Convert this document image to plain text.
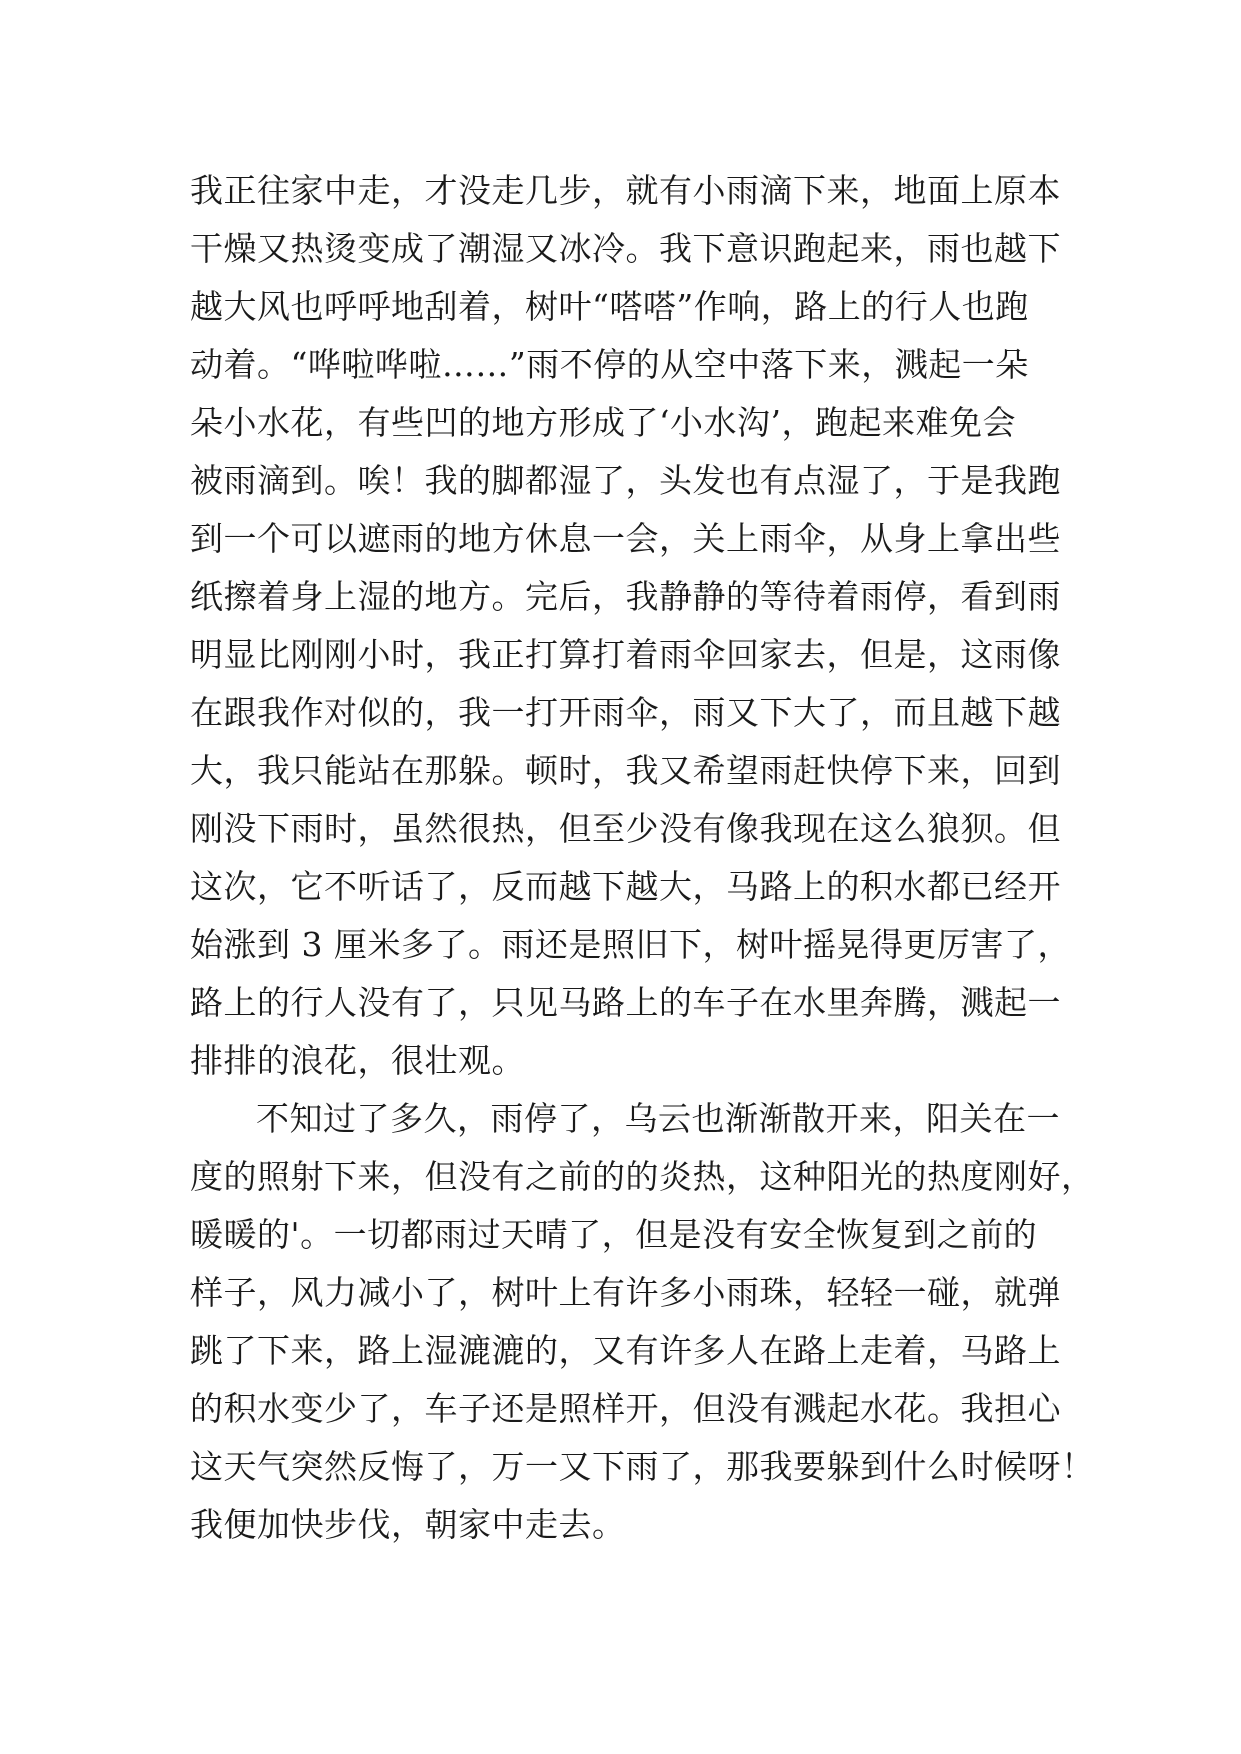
我正往家中走，才没走几步，就有小雨滴下来，地面上原本
干燥又热烫变成了潮湿又冰冷。我下意识跑起来，雨也越下
越大风也呼呼地刮着，树叶“嗒嗒”作响，路上的行人也跑
动着。“哗啦哗啦……”雨不停的从空中落下来，溅起一朵
朵小水花，有些凹的地方形成了‘小水沟’，跑起来难免会
被雨滴到。唉！我的脚都湿了，头发也有点湿了，于是我跑
到一个可以遮雨的地方休息一会，关上雨伞，从身上拿出些
纸擦着身上湿的地方。完后，我静静的等待着雨停，看到雨
明显比刚刚小时，我正打算打着雨伞回家去，但是，这雨像
在跟我作对似的，我一打开雨伞，雨又下大了，而且越下越
大，我只能站在那躲。顿时，我又希望雨赶快停下来，回到
刚没下雨时，虽然很热，但至少没有像我现在这么狼狈。但
这次，它不听话了，反而越下越大，马路上的积水都已经开
始涨到 3 厘米多了。雨还是照旧下，树叶摇晃得更厉害了，
路上的行人没有了，只见马路上的车子在水里奔腾，溅起一
排排的浪花，很壮观。
不知过了多久，雨停了，乌云也渐渐散开来，阳关在一
度的照射下来，但没有之前的的炎热，这种阳光的热度刚好，
暖暖的'。一切都雨过天晴了，但是没有安全恢复到之前的
样子，风力减小了，树叶上有许多小雨珠，轻轻一碰，就弹
跳了下来，路上湿漉漉的，又有许多人在路上走着，马路上
的积水变少了，车子还是照样开，但没有溅起水花。我担心
这天气突然反悔了，万一又下雨了，那我要躲到什么时候呀！
我便加快步伐，朝家中走去。
